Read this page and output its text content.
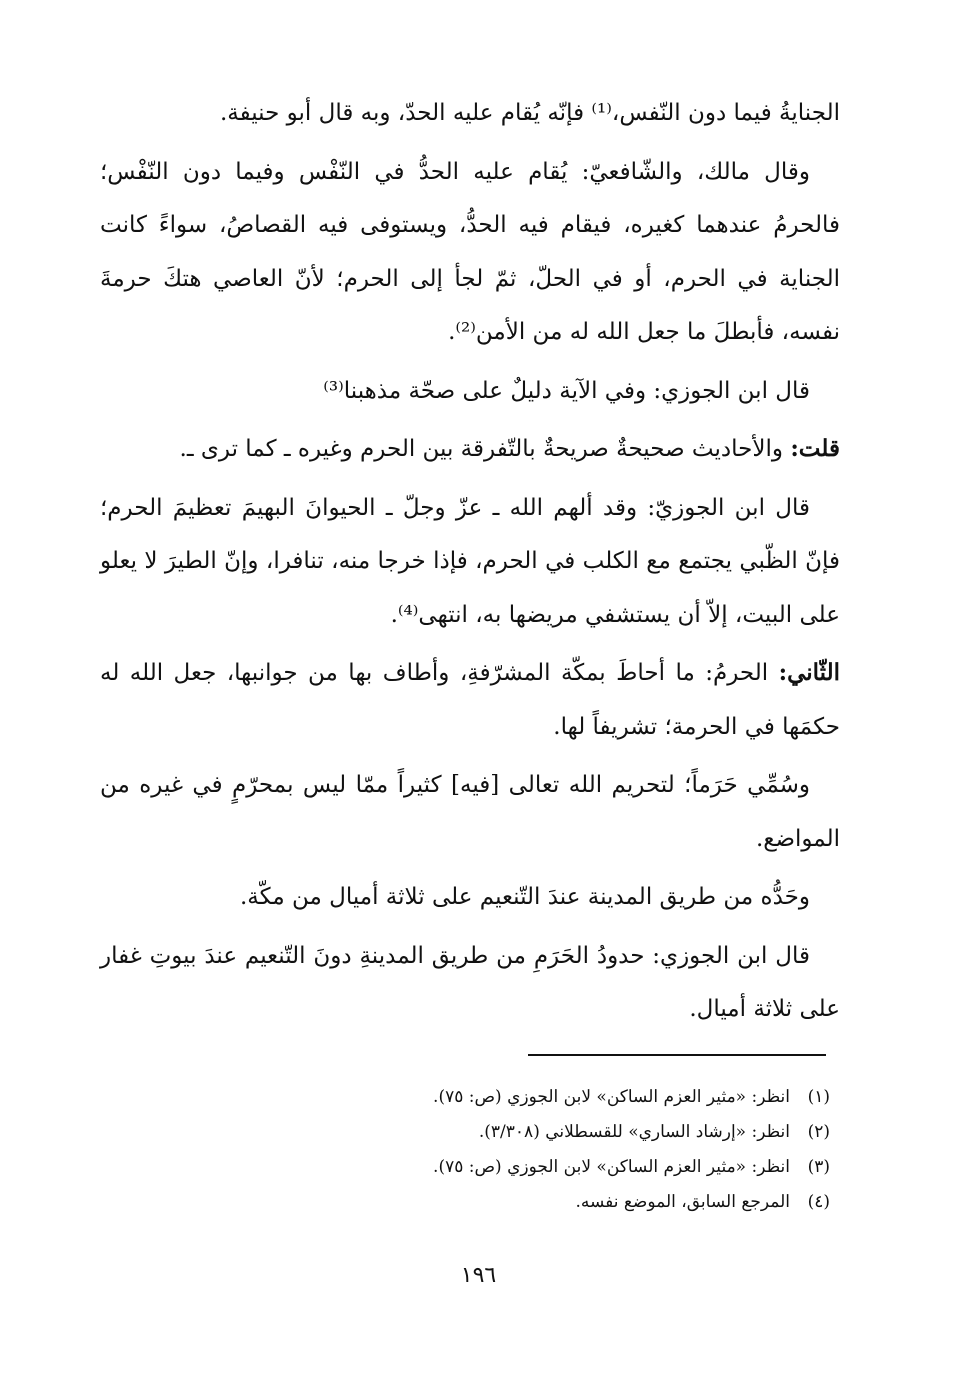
الجنايةُ فيما دون النّفس،⁽¹⁾ فإنّه يُقام عليه الحدّ، وبه قال أبو حنيفة.

وقال مالك، والشّافعيّ: يُقام عليه الحدُّ في النّفْس وفيما دون النّفْس؛ فالحرمُ عندهما كغيره، فيقام فيه الحدُّ، ويستوفى فيه القصاصُ، سواءً كانت الجناية في الحرم، أو في الحلّ، ثمّ لجأ إلى الحرم؛ لأنّ العاصي هتكَ حرمةَ نفسه، فأبطلَ ما جعل الله له من الأمن⁽²⁾.

قال ابن الجوزي: وفي الآية دليلٌ على صحّة مذهبنا⁽³⁾

قلت: والأحاديث صحيحةٌ صريحةٌ بالتّفرقة بين الحرم وغيره ـ كما ترى ـ.

قال ابن الجوزيّ: وقد ألهم الله ـ عزّ وجلّ ـ الحيوانَ البهيمَ تعظيمَ الحرم؛ فإنّ الظّبي يجتمع مع الكلب في الحرم، فإذا خرجا منه، تنافرا، وإنّ الطيرَ لا يعلو على البيت، إلاّ أن يستشفي مريضها به، انتهى⁽⁴⁾.

الثّاني: الحرمُ: ما أحاطَ بمكّة المشرّفةِ، وأطاف بها من جوانبها، جعل الله له حكمَها في الحرمة؛ تشريفاً لها.

وسُمِّي حَرَماً؛ لتحريم الله تعالى [فيه] كثيراً ممّا ليس بمحرّمٍ في غيره من المواضع.

وحَدُّه من طريق المدينة عندَ التّنعيم على ثلاثة أميال من مكّة.

قال ابن الجوزي: حدودُ الحَرَمِ من طريق المدينةِ دونَ التّنعيم عندَ بيوتِ غفار على ثلاثة أميال.

(١)انظر: «مثير العزم الساكن» لابن الجوزي (ص: ٧٥).
(٢)انظر: «إرشاد الساري» للقسطلاني (٣/٣٠٨).
(٣)انظر: «مثير العزم الساكن» لابن الجوزي (ص: ٧٥).
(٤)المرجع السابق، الموضع نفسه.
١٩٦
